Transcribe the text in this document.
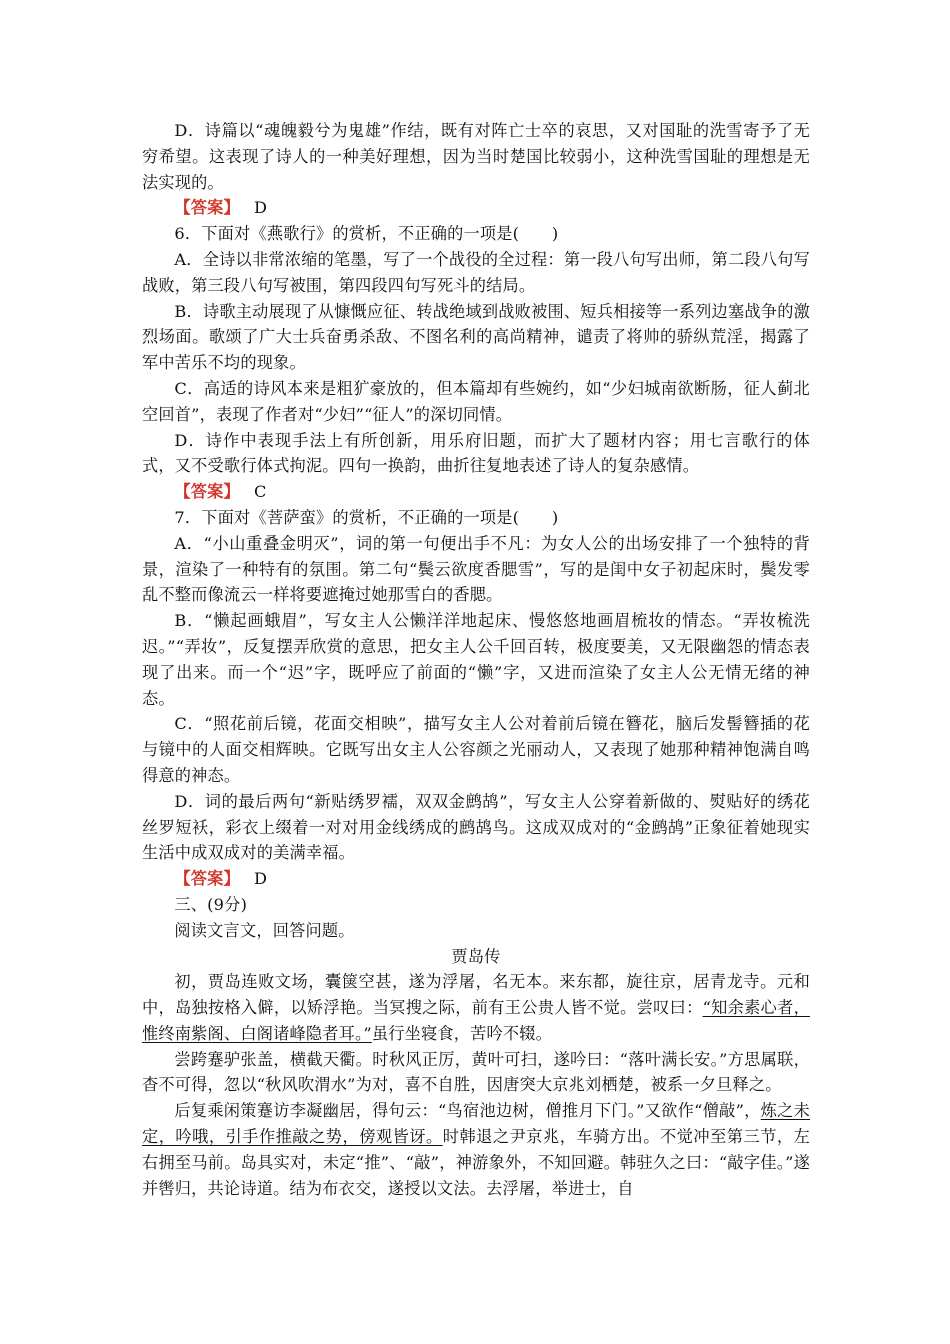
D．诗篇以“魂魄毅兮为鬼雄”作结，既有对阵亡士卒的哀思，又对国耻的洗雪寄予了无穷希望。这表现了诗人的一种美好理想，因为当时楚国比较弱小，这种洗雪国耻的理想是无法实现的。

【答案】 D

6．下面对《燕歌行》的赏析，不正确的一项是(　　)

A．全诗以非常浓缩的笔墨，写了一个战役的全过程：第一段八句写出师，第二段八句写战败，第三段八句写被围，第四段四句写死斗的结局。

B．诗歌主动展现了从慷慨应征、转战绝域到战败被围、短兵相接等一系列边塞战争的激烈场面。歌颂了广大士兵奋勇杀敌、不图名利的高尚精神，谴责了将帅的骄纵荒淫，揭露了军中苦乐不均的现象。

C．高适的诗风本来是粗犷豪放的，但本篇却有些婉约，如“少妇城南欲断肠，征人蓟北空回首”，表现了作者对“少妇”“征人”的深切同情。

D．诗作中表现手法上有所创新，用乐府旧题，而扩大了题材内容；用七言歌行的体式，又不受歌行体式拘泥。四句一换韵，曲折往复地表述了诗人的复杂感情。

【答案】 C

7．下面对《菩萨蛮》的赏析，不正确的一项是(　　)

A．“小山重叠金明灭”，词的第一句便出手不凡：为女人公的出场安排了一个独特的背景，渲染了一种特有的氛围。第二句“鬓云欲度香腮雪”，写的是闺中女子初起床时，鬓发零乱不整而像流云一样将要遮掩过她那雪白的香腮。

B．“懒起画蛾眉”，写女主人公懒洋洋地起床、慢悠悠地画眉梳妆的情态。“弄妆梳洗迟。”“弄妆”，反复摆弄欣赏的意思，把女主人公千回百转，极度要美，又无限幽怨的情态表现了出来。而一个“迟”字，既呼应了前面的“懒”字，又进而渲染了女主人公无情无绪的神态。

C．“照花前后镜，花面交相映”，描写女主人公对着前后镜在簪花，脑后发髻簪插的花与镜中的人面交相辉映。它既写出女主人公容颜之光丽动人，又表现了她那种精神饱满自鸣得意的神态。

D．词的最后两句“新贴绣罗襦，双双金鹧鸪”，写女主人公穿着新做的、熨贴好的绣花丝罗短袄，彩衣上缀着一对对用金线绣成的鹧鸪鸟。这成双成对的“金鹧鸪”正象征着她现实生活中成双成对的美满幸福。

【答案】 D

三、(9分)

阅读文言文，回答问题。

贾岛传

初，贾岛连败文场，囊箧空甚，遂为浮屠，名无本。来东都，旋往京，居青龙寺。元和中，岛独按格入僻，以矫浮艳。当冥搜之际，前有王公贵人皆不觉。尝叹曰：“知余素心者，惟终南紫阁、白阁诸峰隐者耳。”虽行坐寝食，苦吟不辍。

尝跨蹇驴张盖，横截天衢。时秋风正厉，黄叶可扫，遂吟曰：“落叶满长安。”方思属联，杳不可得，忽以“秋风吹渭水”为对，喜不自胜，因唐突大京兆刘栖楚，被系一夕旦释之。

后复乘闲策蹇访李凝幽居，得句云：“鸟宿池边树，僧推月下门。”又欲作“僧敲”，炼之未定，吟哦，引手作推敲之势，傍观皆讶。时韩退之尹京兆，车骑方出。不觉冲至第三节，左右拥至马前。岛具实对，未定“推”、“敲”，神游象外，不知回避。韩驻久之曰：“敲字佳。”遂并辔归，共论诗道。结为布衣交，遂授以文法。去浮屠，举进士，自
